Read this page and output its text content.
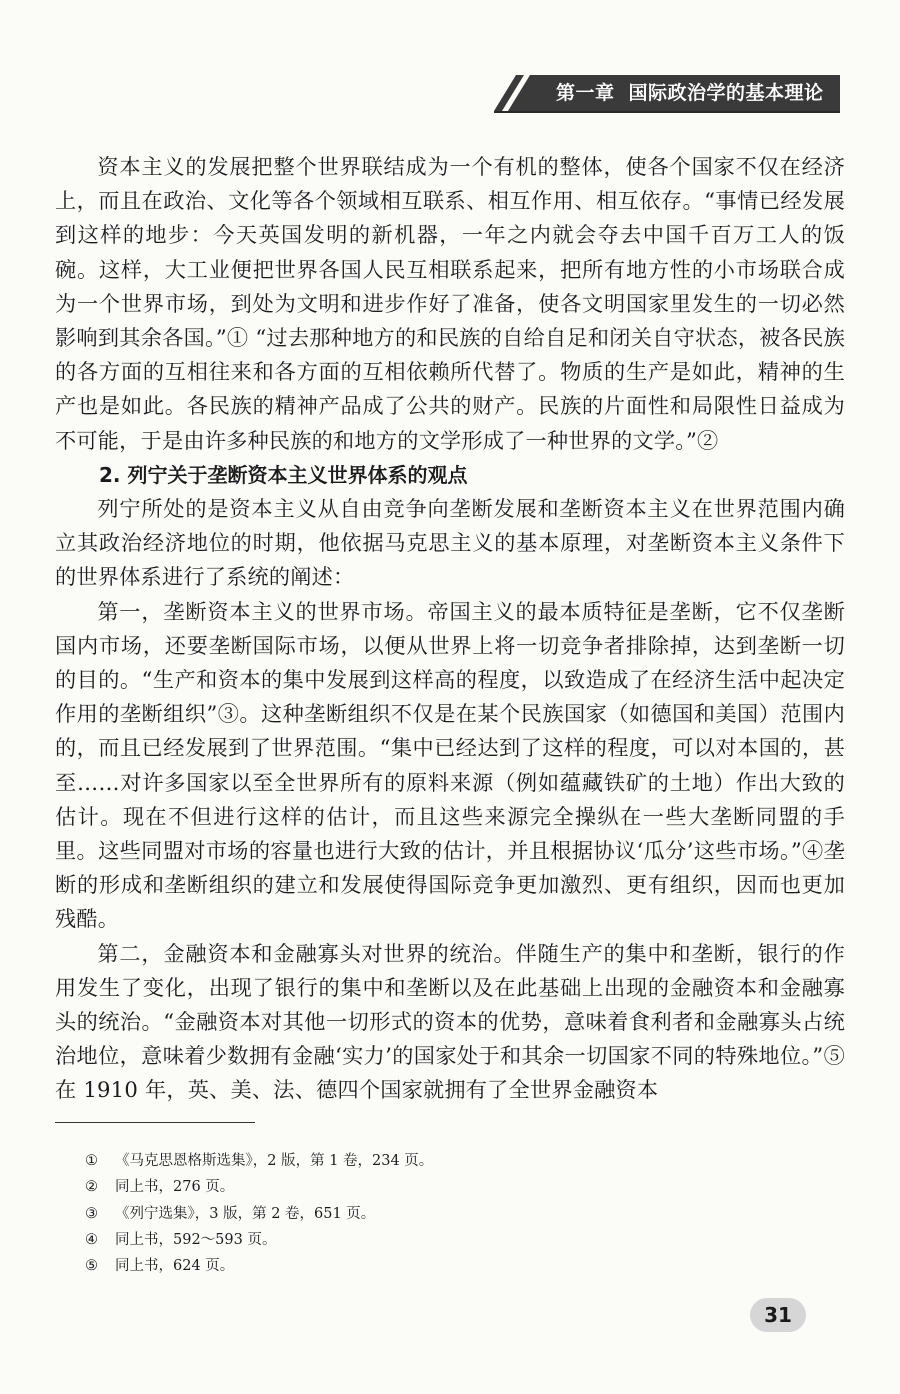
第一章 国际政治学的基本理论

资本主义的发展把整个世界联结成为一个有机的整体，使各个国家不仅在经济上，而且在政治、文化等各个领域相互联系、相互作用、相互依存。“事情已经发展到这样的地步：今天英国发明的新机器，一年之内就会夺去中国千百万工人的饭碗。这样，大工业便把世界各国人民互相联系起来，把所有地方性的小市场联合成为一个世界市场，到处为文明和进步作好了准备，使各文明国家里发生的一切必然影响到其余各国。”① “过去那种地方的和民族的自给自足和闭关自守状态，被各民族的各方面的互相往来和各方面的互相依赖所代替了。物质的生产是如此，精神的生产也是如此。各民族的精神产品成了公共的财产。民族的片面性和局限性日益成为不可能，于是由许多种民族的和地方的文学形成了一种世界的文学。”②

2. 列宁关于垄断资本主义世界体系的观点

列宁所处的是资本主义从自由竞争向垄断发展和垄断资本主义在世界范围内确立其政治经济地位的时期，他依据马克思主义的基本原理，对垄断资本主义条件下的世界体系进行了系统的阐述：

第一，垄断资本主义的世界市场。帝国主义的最本质特征是垄断，它不仅垄断国内市场，还要垄断国际市场，以便从世界上将一切竞争者排除掉，达到垄断一切的目的。“生产和资本的集中发展到这样高的程度，以致造成了在经济生活中起决定作用的垄断组织”③。这种垄断组织不仅是在某个民族国家（如德国和美国）范围内的，而且已经发展到了世界范围。“集中已经达到了这样的程度，可以对本国的，甚至……对许多国家以至全世界所有的原料来源（例如蕴藏铁矿的土地）作出大致的估计。现在不但进行这样的估计，而且这些来源完全操纵在一些大垄断同盟的手里。这些同盟对市场的容量也进行大致的估计，并且根据协议‘瓜分’这些市场。”④垄断的形成和垄断组织的建立和发展使得国际竞争更加激烈、更有组织，因而也更加残酷。

第二，金融资本和金融寡头对世界的统治。伴随生产的集中和垄断，银行的作用发生了变化，出现了银行的集中和垄断以及在此基础上出现的金融资本和金融寡头的统治。“金融资本对其他一切形式的资本的优势，意味着食利者和金融寡头占统治地位，意味着少数拥有金融‘实力’的国家处于和其余一切国家不同的特殊地位。”⑤ 在 1910 年，英、美、法、德四个国家就拥有了全世界金融资本

① 《马克思恩格斯选集》，2 版，第 1 卷，234 页。
② 同上书，276 页。
③ 《列宁选集》，3 版，第 2 卷，651 页。
④ 同上书，592～593 页。
⑤ 同上书，624 页。
31
